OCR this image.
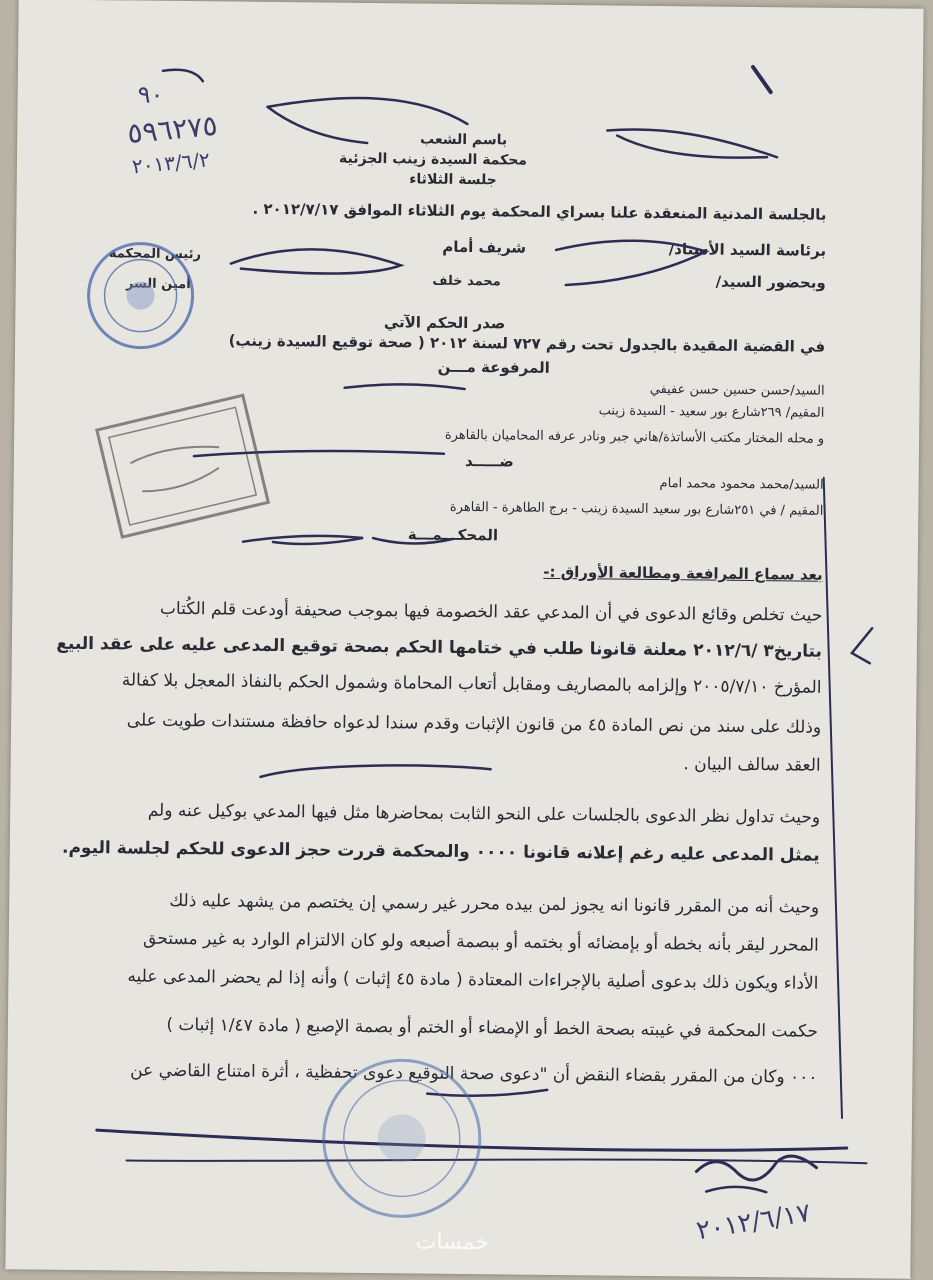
٩٠
٥٩٦٢٧٥
٢٠١٣/٦/٢
باسم الشعب
محكمة السيدة زينب الجزئية
جلسة الثلاثاء
بالجلسة المدنية المنعقدة علنا بسراي المحكمة يوم الثلاثاء الموافق ٢٠١٢/٧/١٧ .
برئاسة السيد الأستاذ/
شريف أمام
رئيس المحكمة
وبحضور السيد/
محمد خلف
أمين السر
صدر الحكم الآتي
في القضية المقيدة بالجدول تحت رقم ٧٢٧ لسنة ٢٠١٢ ( صحة توقيع السيدة زينب)
المرفوعة مـــن
السيد/حسن حسين حسن عفيفي
المقيم/ ٢٦٩شارع بور سعيد - السيدة زينب
و محله المختار مكتب الأساتذة/هاني جبر ونادر عرفه المحاميان بالقاهرة
ضـــــد
السيد/محمد محمود محمد امام
المقيم / في ٢٥١شارع بور سعيد السيدة زينب - برج الطاهرة - القاهرة
المحكـــمـــة
بعد سماع المرافعة ومطالعة الأوراق :-
حيث تخلص وقائع الدعوى في أن المدعي عقد الخصومة فيها بموجب صحيفة أودعت قلم الكُتاب
بتاريخ٣ /٢٠١٢/٦ معلنة قانونا طلب في ختامها الحكم بصحة توقيع المدعى عليه على عقد البيع
المؤرخ ٢٠٠٥/٧/١٠ وإلزامه بالمصاريف ومقابل أتعاب المحاماة وشمول الحكم بالنفاذ المعجل بلا كفالة
وذلك على سند من نص المادة ٤٥ من قانون الإثبات وقدم سندا لدعواه حافظة مستندات طويت على
العقد سالف البيان .
وحيث تداول نظر الدعوى بالجلسات على النحو الثابت بمحاضرها مثل فيها المدعي بوكيل عنه ولم
يمثل المدعى عليه رغم إعلانه قانونا ٠٠٠٠ والمحكمة قررت حجز الدعوى للحكم لجلسة اليوم.
وحيث أنه من المقرر قانونا انه يجوز لمن بيده محرر غير رسمي إن يختصم من يشهد عليه ذلك
المحرر ليقر بأنه بخطه أو بإمضائه أو بختمه أو ببصمة أصبعه ولو كان الالتزام الوارد به غير مستحق
الأداء ويكون ذلك بدعوى أصلية بالإجراءات المعتادة ( مادة ٤٥ إثبات ) وأنه إذا لم يحضر المدعى عليه
حكمت المحكمة في غيبته بصحة الخط أو الإمضاء أو الختم أو بصمة الإصبع ( مادة ١/٤٧ إثبات )
٠٠٠ وكان من المقرر بقضاء النقض أن "دعوى صحة التوقيع دعوى تحفظية ، أثرة امتناع القاضي عن
٢٠١٢/٦/١٧
خمسات
